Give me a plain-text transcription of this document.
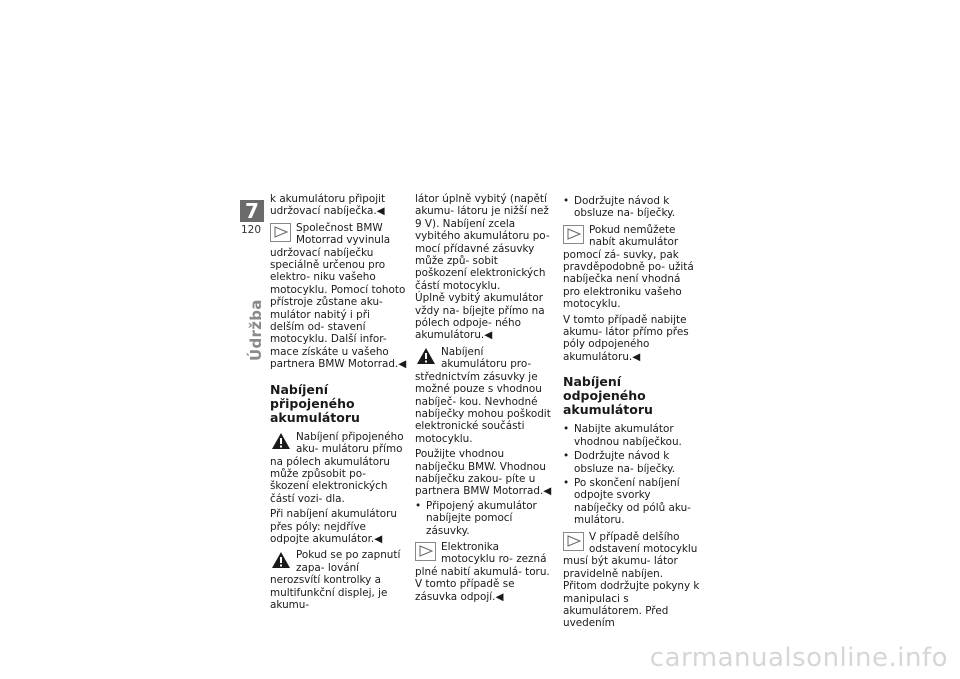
7
120
Údržba

k akumulátoru připojit udržovací nabíječka.◀

Společnost BMW Motorrad vyvinula udržovací nabíječku speciálně určenou pro elektro- niku vašeho motocyklu. Pomocí tohoto přístroje zůstane aku- mulátor nabitý i při delším od- stavení motocyklu. Další infor- mace získáte u vašeho partnera BMW Motorrad.◀

Nabíjení připojeného akumulátoru

Nabíjení připojeného aku- mulátoru přímo na pólech akumulátoru může způsobit po- škození elektronických částí vozi- dla.

Při nabíjení akumulátoru přes póly: nejdříve odpojte akumulátor.◀

Pokud se po zapnutí zapa- lování nerozsvítí kontrolky a multifunkční displej, je akumu-

látor úplně vybitý (napětí akumu- látoru je nižší než 9 V). Nabíjení zcela vybitého akumulátoru po- mocí přídavné zásuvky může způ- sobit poškození elektronických částí motocyklu.

Úplně vybitý akumulátor vždy na- bíjejte přímo na pólech odpoje- ného akumulátoru.◀

Nabíjení akumulátoru pro- střednictvím zásuvky je možné pouze s vhodnou nabíječ- kou. Nevhodné nabíječky mohou poškodit elektronické součásti motocyklu.

Použijte vhodnou nabíječku BMW. Vhodnou nabíječku zakou- píte u partnera BMW Motorrad.◀

• Připojený akumulátor nabíjejte pomocí zásuvky.

Elektronika motocyklu ro- zezná plné nabití akumulá- toru. V tomto případě se zásuvka odpojí.◀

• Dodržujte návod k obsluze na- bíječky.

Pokud nemůžete nabít akumulátor pomocí zá- suvky, pak pravděpodobně po- užitá nabíječka není vhodná pro elektroniku vašeho motocyklu.

V tomto případě nabijte akumu- látor přímo přes póly odpojeného akumulátoru.◀

Nabíjení odpojeného akumulátoru
• Nabijte akumulátor vhodnou nabíječkou.
• Dodržujte návod k obsluze na- bíječky.
• Po skončení nabíjení odpojte svorky nabíječky od pólů aku- mulátoru.

V případě delšího odstavení motocyklu musí být akumu- látor pravidelně nabíjen. Přitom dodržujte pokyny k manipulaci s akumulátorem. Před uvedením

carmanualsonline.info
